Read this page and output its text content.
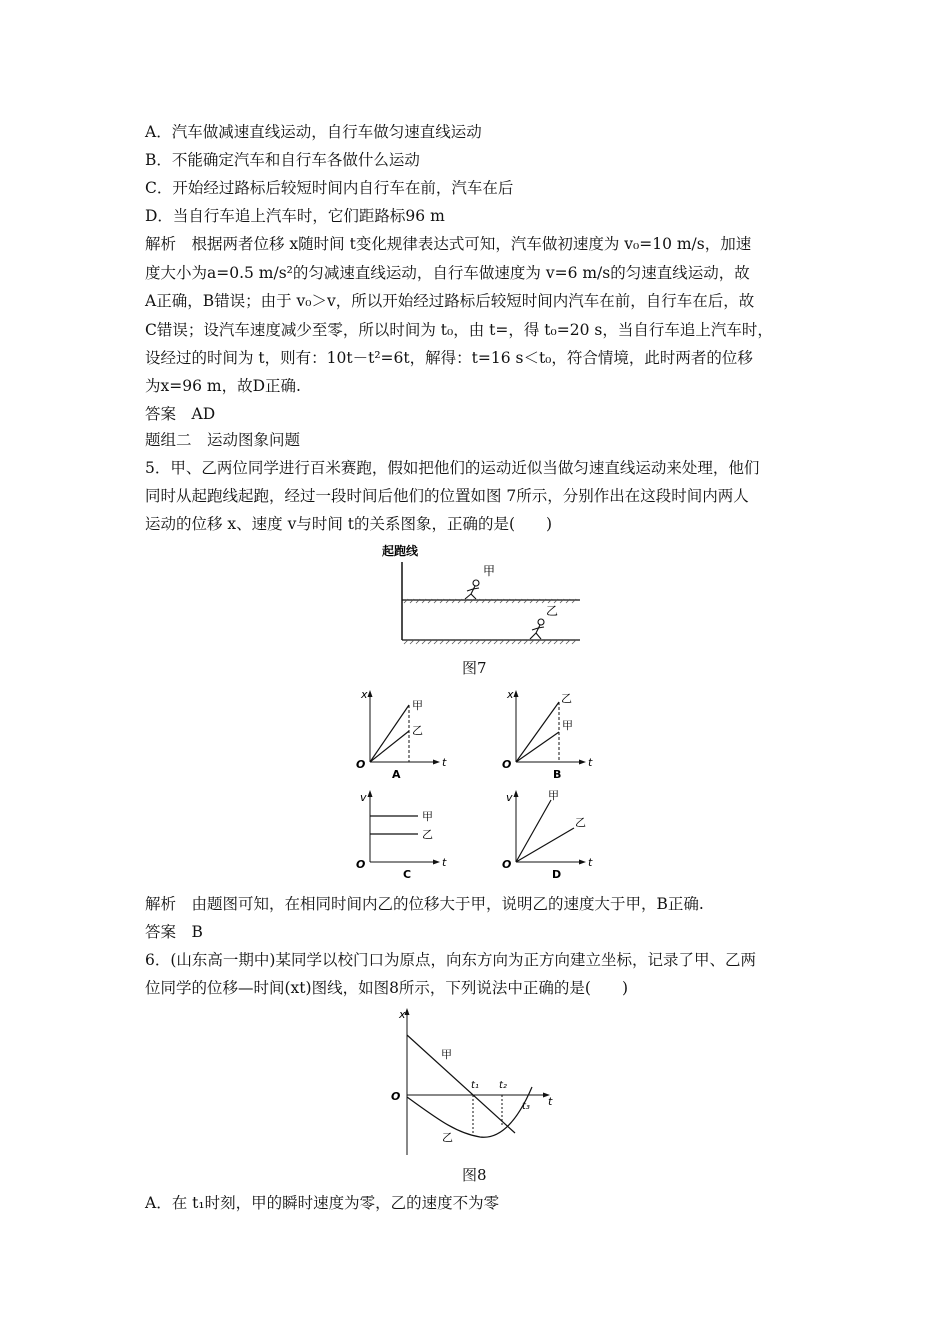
A．汽车做减速直线运动，自行车做匀速直线运动
B．不能确定汽车和自行车各做什么运动
C．开始经过路标后较短时间内自行车在前，汽车在后
D．当自行车追上汽车时，它们距路标96 m
解析　根据两者位移 x随时间 t变化规律表达式可知，汽车做初速度为 v₀=10 m/s，加速
度大小为a=0.5 m/s²的匀减速直线运动，自行车做速度为 v=6 m/s的匀速直线运动，故
A正确，B错误；由于 v₀＞v，所以开始经过路标后较短时间内汽车在前，自行车在后，故
C错误；设汽车速度减少至零，所以时间为 t₀，由 t=，得 t₀=20 s，当自行车追上汽车时，
设经过的时间为 t，则有：10t－t²=6t，解得：t=16 s＜t₀，符合情境，此时两者的位移
为x=96 m，故D正确.
答案　AD
题组二　运动图象问题
5．甲、乙两位同学进行百米赛跑，假如把他们的运动近似当做匀速直线运动来处理，他们
同时从起跑线起跑，经过一段时间后他们的位置如图 7所示，分别作出在这段时间内两人
运动的位移 x、速度 v与时间 t的关系图象，正确的是(　　)
起跑线
甲
乙
图7
x
O	t
甲
乙
A
x
O	t
乙
甲
B
v
O	t
甲
乙
C
v
O	t
甲
乙
D
解析　由题图可知，在相同时间内乙的位移大于甲，说明乙的速度大于甲，B正确.
答案　B
6．(山东高一期中)某同学以校门口为原点，向东方向为正方向建立坐标，记录了甲、乙两
位同学的位移—时间(xt)图线，如图8所示，下列说法中正确的是(　　)
x
O	t
甲
乙
t₁ t₂
t₃
图8
A．在 t₁时刻，甲的瞬时速度为零，乙的速度不为零
